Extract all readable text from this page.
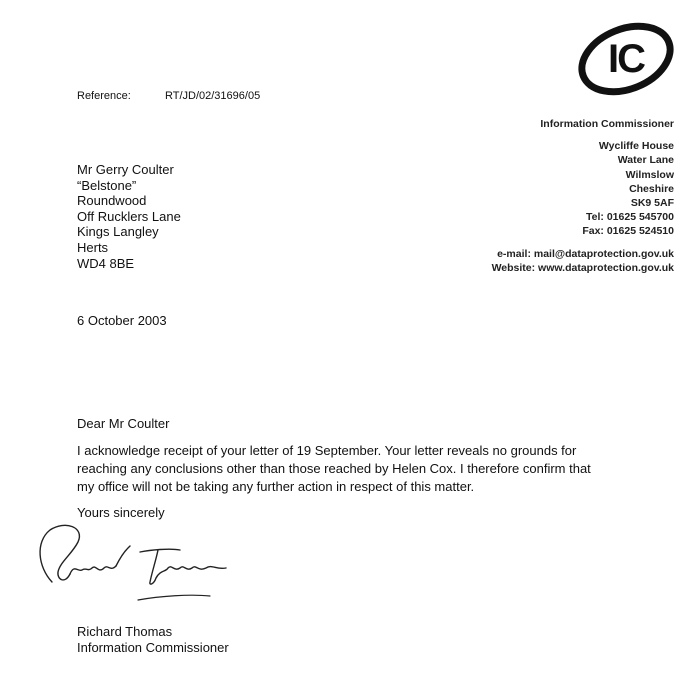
IC
Reference:	RT/JD/02/31696/05
Information Commissioner
Wycliffe House
Water Lane
Wilmslow
Cheshire
SK9 5AF
Tel: 01625 545700
Fax: 01625 524510
e-mail: mail@dataprotection.gov.uk
Website: www.dataprotection.gov.uk
Mr Gerry Coulter
“Belstone”
Roundwood
Off Rucklers Lane
Kings Langley
Herts
WD4 8BE
6 October 2003
Dear Mr Coulter
I acknowledge receipt of your letter of 19 September. Your letter reveals no grounds for
reaching any conclusions other than those reached by Helen Cox. I therefore confirm that
my office will not be taking any further action in respect of this matter.
Yours sincerely
Richard Thomas
Information Commissioner
